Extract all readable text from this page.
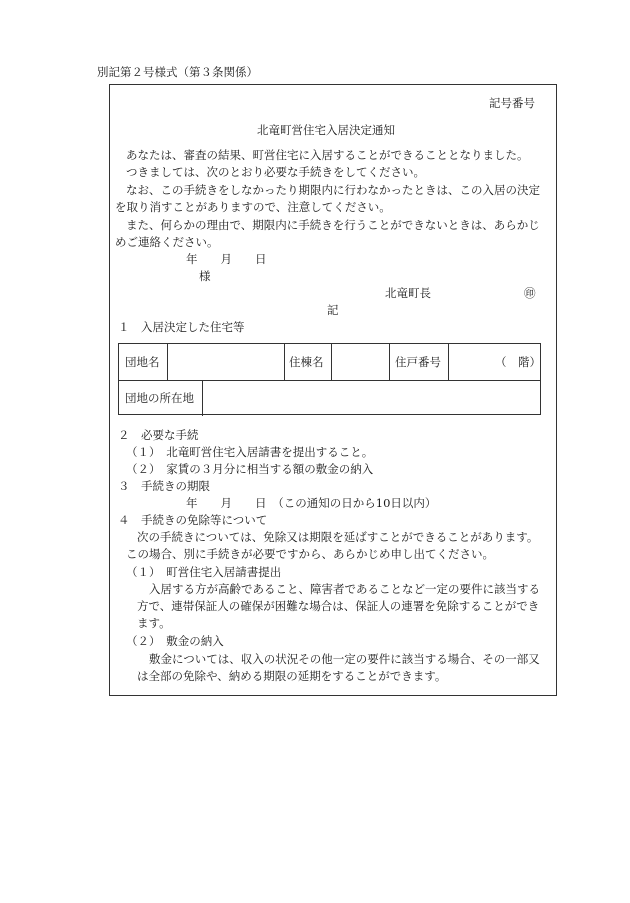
別記第２号様式（第３条関係）
記号番号
北竜町営住宅入居決定通知
あなたは、審査の結果、町営住宅に入居することができることとなりました。
つきましては、次のとおり必要な手続きをしてください。
なお、この手続きをしなかったり期限内に行わなかったときは、この入居の決定
を取り消すことがありますので、注意してください。
また、何らかの理由で、期限内に手続きを行うことができないときは、あらかじ
めご連絡ください。
年　　月　　日
様
北竜町長	㊞
記
１　入居決定した住宅等
団地名	住棟名	住戸番号	（　階）
団地の所在地
２　必要な手続
（１）　北竜町営住宅入居請書を提出すること。
（２）　家賃の３月分に相当する額の敷金の納入
３　手続きの期限
年　　月　　日　（この通知の日から10日以内）
４　手続きの免除等について
次の手続きについては、免除又は期限を延ばすことができることがあります。
この場合、別に手続きが必要ですから、あらかじめ申し出てください。
（１）　町営住宅入居請書提出
入居する方が高齢であること、障害者であることなど一定の要件に該当する
方で、連帯保証人の確保が困難な場合は、保証人の連署を免除することができ
ます。
（２）　敷金の納入
敷金については、収入の状況その他一定の要件に該当する場合、その一部又
は全部の免除や、納める期限の延期をすることができます。
